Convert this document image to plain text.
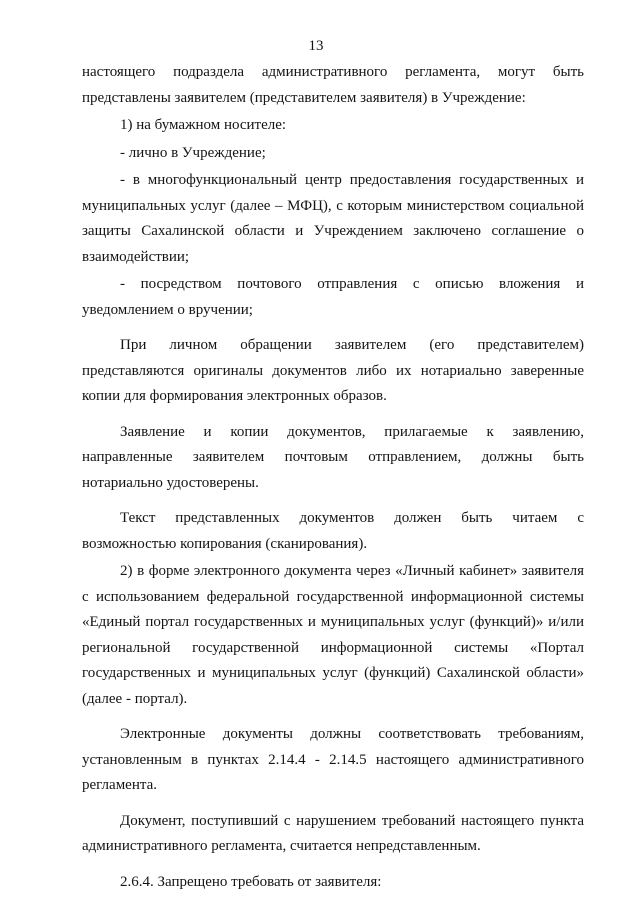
13

настоящего подраздела административного регламента, могут быть представлены заявителем (представителем заявителя) в Учреждение:

1) на бумажном носителе:

- лично в Учреждение;

- в многофункциональный центр предоставления государственных и муниципальных услуг (далее – МФЦ), с которым министерством социальной защиты Сахалинской области и Учреждением заключено соглашение о взаимодействии;

- посредством почтового отправления с описью вложения и уведомлением о вручении;

При личном обращении заявителем (его представителем) представляются оригиналы документов либо их нотариально заверенные копии для формирования электронных образов.

Заявление и копии документов, прилагаемые к заявлению, направленные заявителем почтовым отправлением, должны быть нотариально удостоверены.

Текст представленных документов должен быть читаем с возможностью копирования (сканирования).

2) в форме электронного документа через «Личный кабинет» заявителя с использованием федеральной государственной информационной системы «Единый портал государственных и муниципальных услуг (функций)» и/или региональной государственной информационной системы «Портал государственных и муниципальных услуг (функций) Сахалинской области» (далее - портал).

Электронные документы должны соответствовать требованиям, установленным в пунктах 2.14.4 - 2.14.5 настоящего административного регламента.

Документ, поступивший с нарушением требований настоящего пункта административного регламента, считается непредставленным.

2.6.4. Запрещено требовать от заявителя:
